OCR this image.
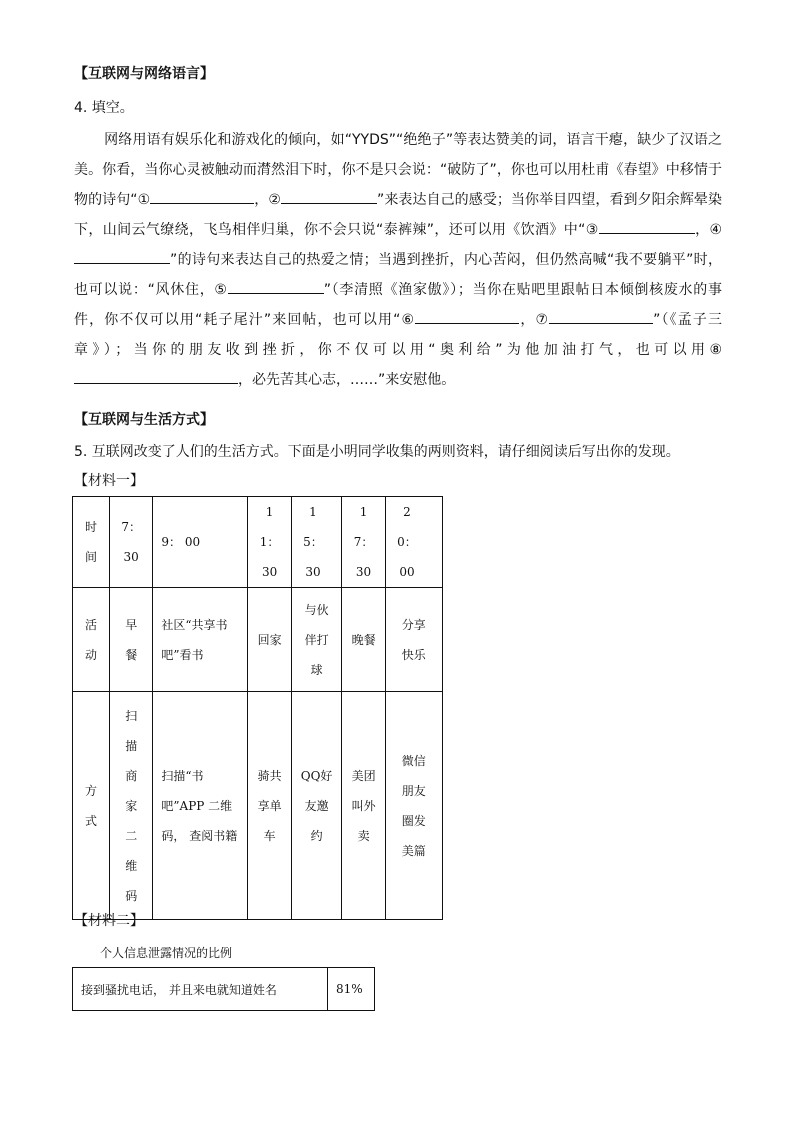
【互联网与网络语言】
4. 填空。
网络用语有娱乐化和游戏化的倾向，如“YYDS”“绝绝子”等表达赞美的词，语言干瘪，缺少了汉语之美。你看，当你心灵被触动而潸然泪下时，你不是只会说：“破防了”，你也可以用杜甫《春望》中移情于物的诗句“①	，②	”来表达自己的感受；当你举目四望，看到夕阳余辉晕染下，山间云气缭绕，飞鸟相伴归巢，你不会只说“泰裤辣”，还可以用《饮酒》中“③	，④”的诗句来表达自己的热爱之情；当遇到挫折，内心苦闷，但仍然高喊“我不要躺平”时，也可以说：“风休住，⑤	”（李清照《渔家傲》）；当你在贴吧里跟帖日本倾倒核废水的事件，你不仅可以用“耗子尾汁”来回帖，也可以用“⑥	，⑦	”（《孟子三章》）；当你的朋友收到挫折，你不仅可以用“奥利给”为他加油打气，也可以用⑧，必先苦其心志，……”来安慰他。
【互联网与生活方式】
5. 互联网改变了人们的生活方式。下面是小明同学收集的两则资料，请仔细阅读后写出你的发现。
【材料一】
时间	7：30	9： 00	11：30	15：30	17：30	20：00
活动	早餐	社区“共享书吧”看书	回家	与伙伴打球	晚餐	分享快乐
方式	扫描商家二维码	扫描“书吧”APP 二维码， 查阅书籍	骑共享单车	QQ好友邀约	美团叫外卖	微信朋友圈发美篇
【材料二】
个人信息泄露情况的比例
接到骚扰电话， 并且来电就知道姓名	81%
